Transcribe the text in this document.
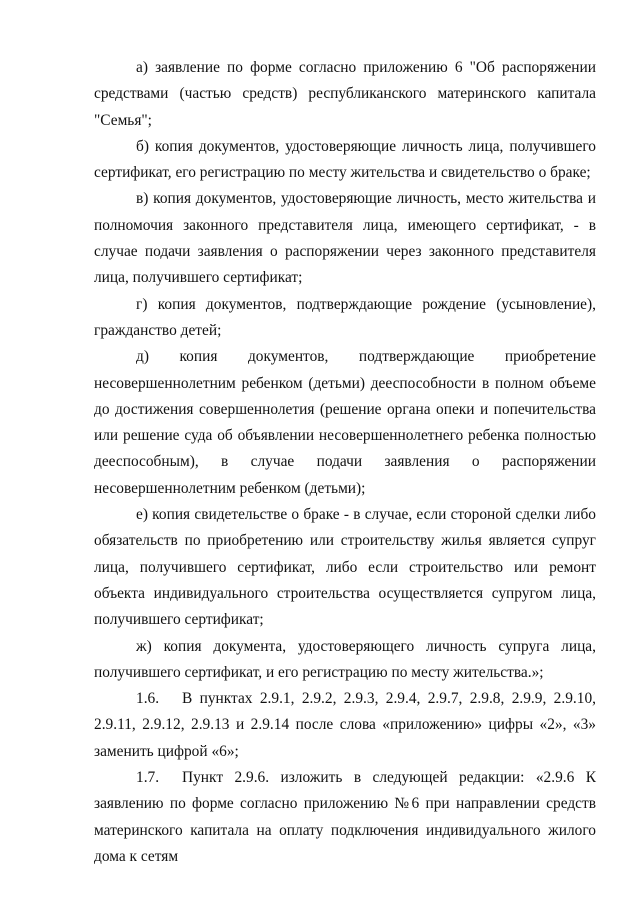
а) заявление по форме согласно приложению 6 "Об распоряжении средствами (частью средств) республиканского материнского капитала "Семья";

б) копия документов, удостоверяющие личность лица, получившего сертификат, его регистрацию по месту жительства и свидетельство о браке;

в) копия документов, удостоверяющие личность, место жительства и полномочия законного представителя лица, имеющего сертификат, - в случае подачи заявления о распоряжении через законного представителя лица, получившего сертификат;

г) копия документов, подтверждающие рождение (усыновление), гражданство детей;

д) копия документов, подтверждающие приобретение несовершеннолетним ребенком (детьми) дееспособности в полном объеме до достижения совершеннолетия (решение органа опеки и попечительства или решение суда об объявлении несовершеннолетнего ребенка полностью дееспособным), в случае подачи заявления о распоряжении несовершеннолетним ребенком (детьми);

е) копия свидетельстве о браке - в случае, если стороной сделки либо обязательств по приобретению или строительству жилья является супруг лица, получившего сертификат, либо если строительство или ремонт объекта индивидуального строительства осуществляется супругом лица, получившего сертификат;

ж) копия документа, удостоверяющего личность супруга лица, получившего сертификат, и его регистрацию по месту жительства.»;

1.6. В пунктах 2.9.1, 2.9.2, 2.9.3, 2.9.4, 2.9.7, 2.9.8, 2.9.9, 2.9.10, 2.9.11, 2.9.12, 2.9.13 и 2.9.14 после слова «приложению» цифры «2», «3» заменить цифрой «6»;

1.7. Пункт 2.9.6. изложить в следующей редакции: «2.9.6 К заявлению по форме согласно приложению №6 при направлении средств материнского капитала на оплату подключения индивидуального жилого дома к сетям
